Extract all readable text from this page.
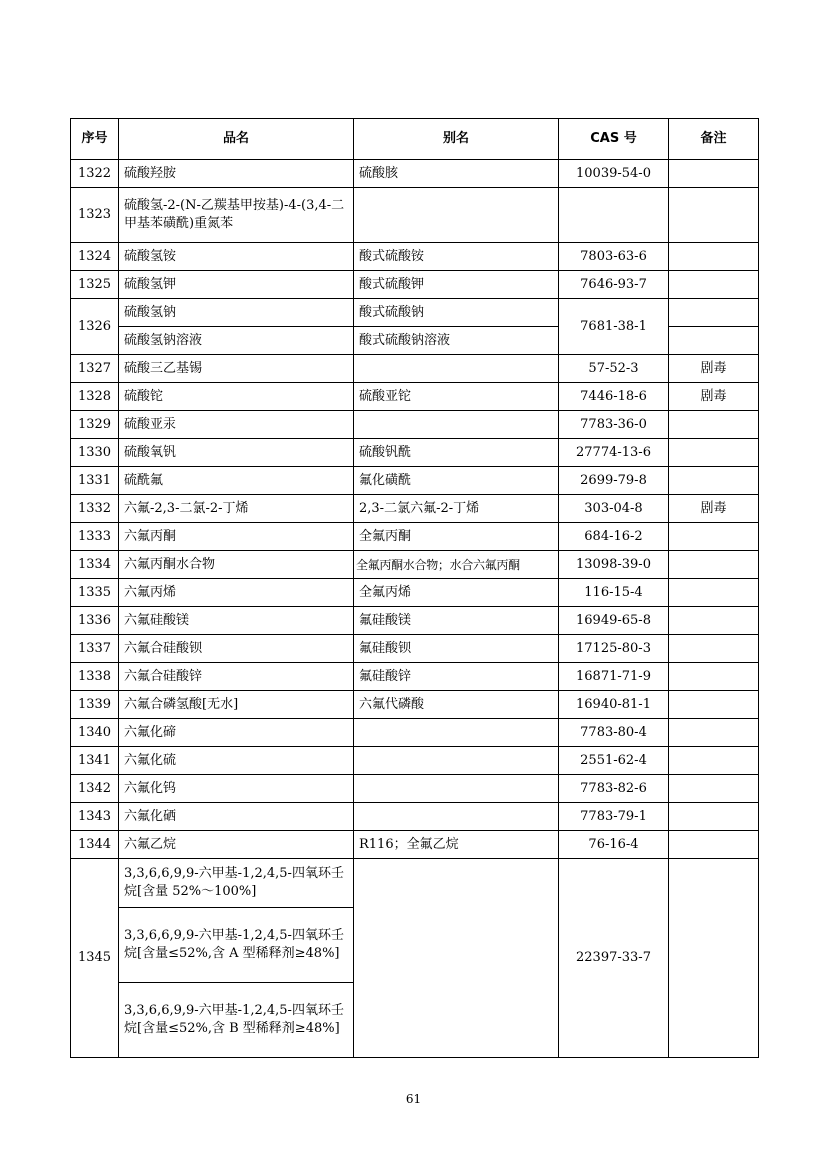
序号	品名	别名	CAS 号	备注
1322	硫酸羟胺	硫酸胲	10039-54-0	
1323	硫酸氢-2-(N-乙羰基甲按基)-4-(3,4-二甲基苯磺酰)重氮苯			
1324	硫酸氢铵	酸式硫酸铵	7803-63-6	
1325	硫酸氢钾	酸式硫酸钾	7646-93-7	
1326	硫酸氢钠	酸式硫酸钠	7681-38-1	
	硫酸氢钠溶液	酸式硫酸钠溶液		
1327	硫酸三乙基锡		57-52-3	剧毒
1328	硫酸铊	硫酸亚铊	7446-18-6	剧毒
1329	硫酸亚汞		7783-36-0	
1330	硫酸氧钒	硫酸钒酰	27774-13-6	
1331	硫酰氟	氟化磺酰	2699-79-8	
1332	六氟-2,3-二氯-2-丁烯	2,3-二氯六氟-2-丁烯	303-04-8	剧毒
1333	六氟丙酮	全氟丙酮	684-16-2	
1334	六氟丙酮水合物	全氟丙酮水合物；水合六氟丙酮	13098-39-0	
1335	六氟丙烯	全氟丙烯	116-15-4	
1336	六氟硅酸镁	氟硅酸镁	16949-65-8	
1337	六氟合硅酸钡	氟硅酸钡	17125-80-3	
1338	六氟合硅酸锌	氟硅酸锌	16871-71-9	
1339	六氟合磷氢酸[无水]	六氟代磷酸	16940-81-1	
1340	六氟化碲		7783-80-4	
1341	六氟化硫		2551-62-4	
1342	六氟化钨		7783-82-6	
1343	六氟化硒		7783-79-1	
1344	六氟乙烷	R116；全氟乙烷	76-16-4	
1345	3,3,6,6,9,9-六甲基-1,2,4,5-四氧环壬烷[含量 52%～100%]		22397-33-7	
	3,3,6,6,9,9-六甲基-1,2,4,5-四氧环壬烷[含量≤52%,含 A 型稀释剂≥48%]			
	3,3,6,6,9,9-六甲基-1,2,4,5-四氧环壬烷[含量≤52%,含 B 型稀释剂≥48%]			
61
